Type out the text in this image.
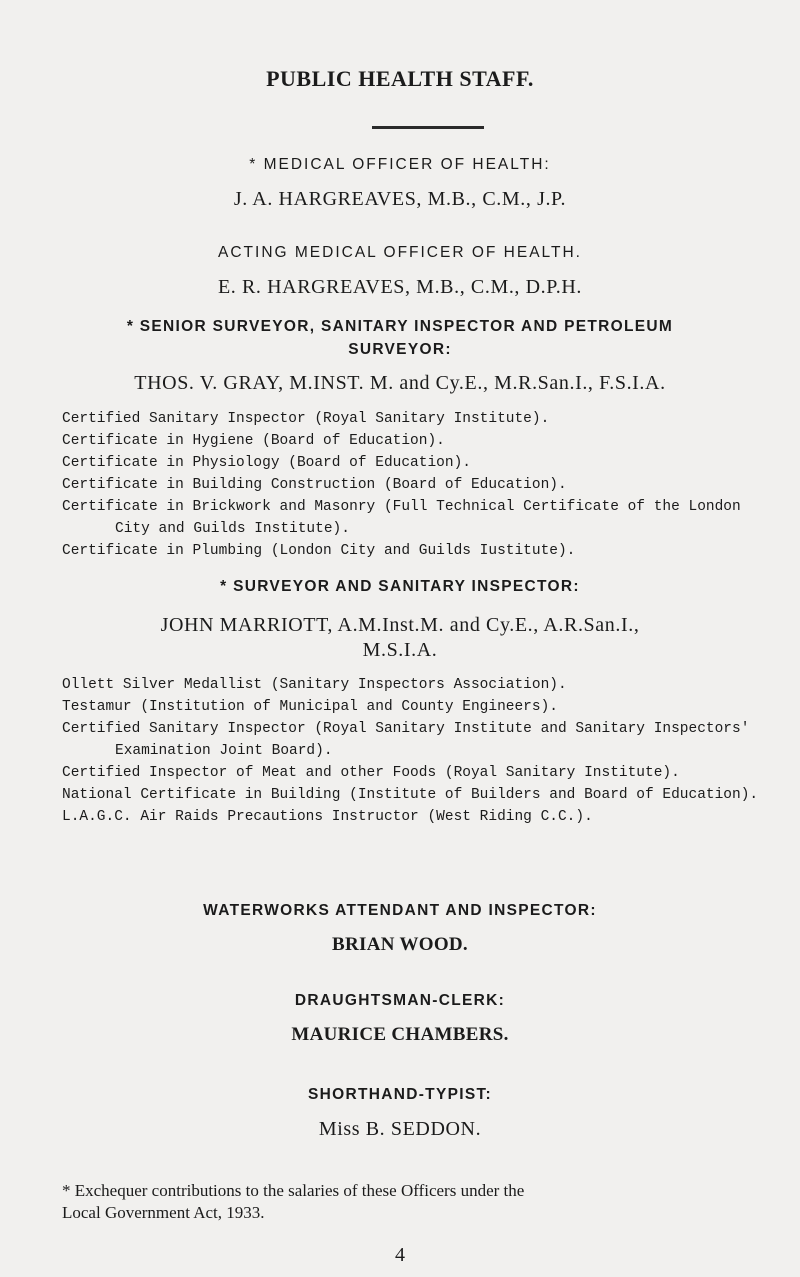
PUBLIC HEALTH STAFF.
* MEDICAL OFFICER OF HEALTH:
J. A. HARGREAVES, M.B., C.M., J.P.
ACTING MEDICAL OFFICER OF HEALTH.
E. R. HARGREAVES, M.B., C.M., D.P.H.
* SENIOR SURVEYOR, SANITARY INSPECTOR AND PETROLEUM
SURVEYOR:
THOS. V. GRAY, M.INST. M. and Cy.E., M.R.San.I., F.S.I.A.

Certified Sanitary Inspector (Royal Sanitary Institute).

Certificate in Hygiene (Board of Education).

Certificate in Physiology (Board of Education).

Certificate in Building Construction (Board of Education).

Certificate in Brickwork and Masonry (Full Technical Certificate of the London City and Guilds Institute).

Certificate in Plumbing (London City and Guilds Iustitute).

* SURVEYOR AND SANITARY INSPECTOR:
JOHN MARRIOTT, A.M.Inst.M. and Cy.E., A.R.San.I.,
M.S.I.A.

Ollett Silver Medallist (Sanitary Inspectors Association).

Testamur (Institution of Municipal and County Engineers).

Certified Sanitary Inspector (Royal Sanitary Institute and Sanitary Inspectors' Examination Joint Board).

Certified Inspector of Meat and other Foods (Royal Sanitary Institute).

National Certificate in Building (Institute of Builders and Board of Education).

L.A.G.C. Air Raids Precautions Instructor (West Riding C.C.).

WATERWORKS ATTENDANT AND INSPECTOR:
BRIAN WOOD.
DRAUGHTSMAN-CLERK:
MAURICE CHAMBERS.
SHORTHAND-TYPIST:
Miss B. SEDDON.
* Exchequer contributions to the salaries of these Officers under the
Local Government Act, 1933.
4
